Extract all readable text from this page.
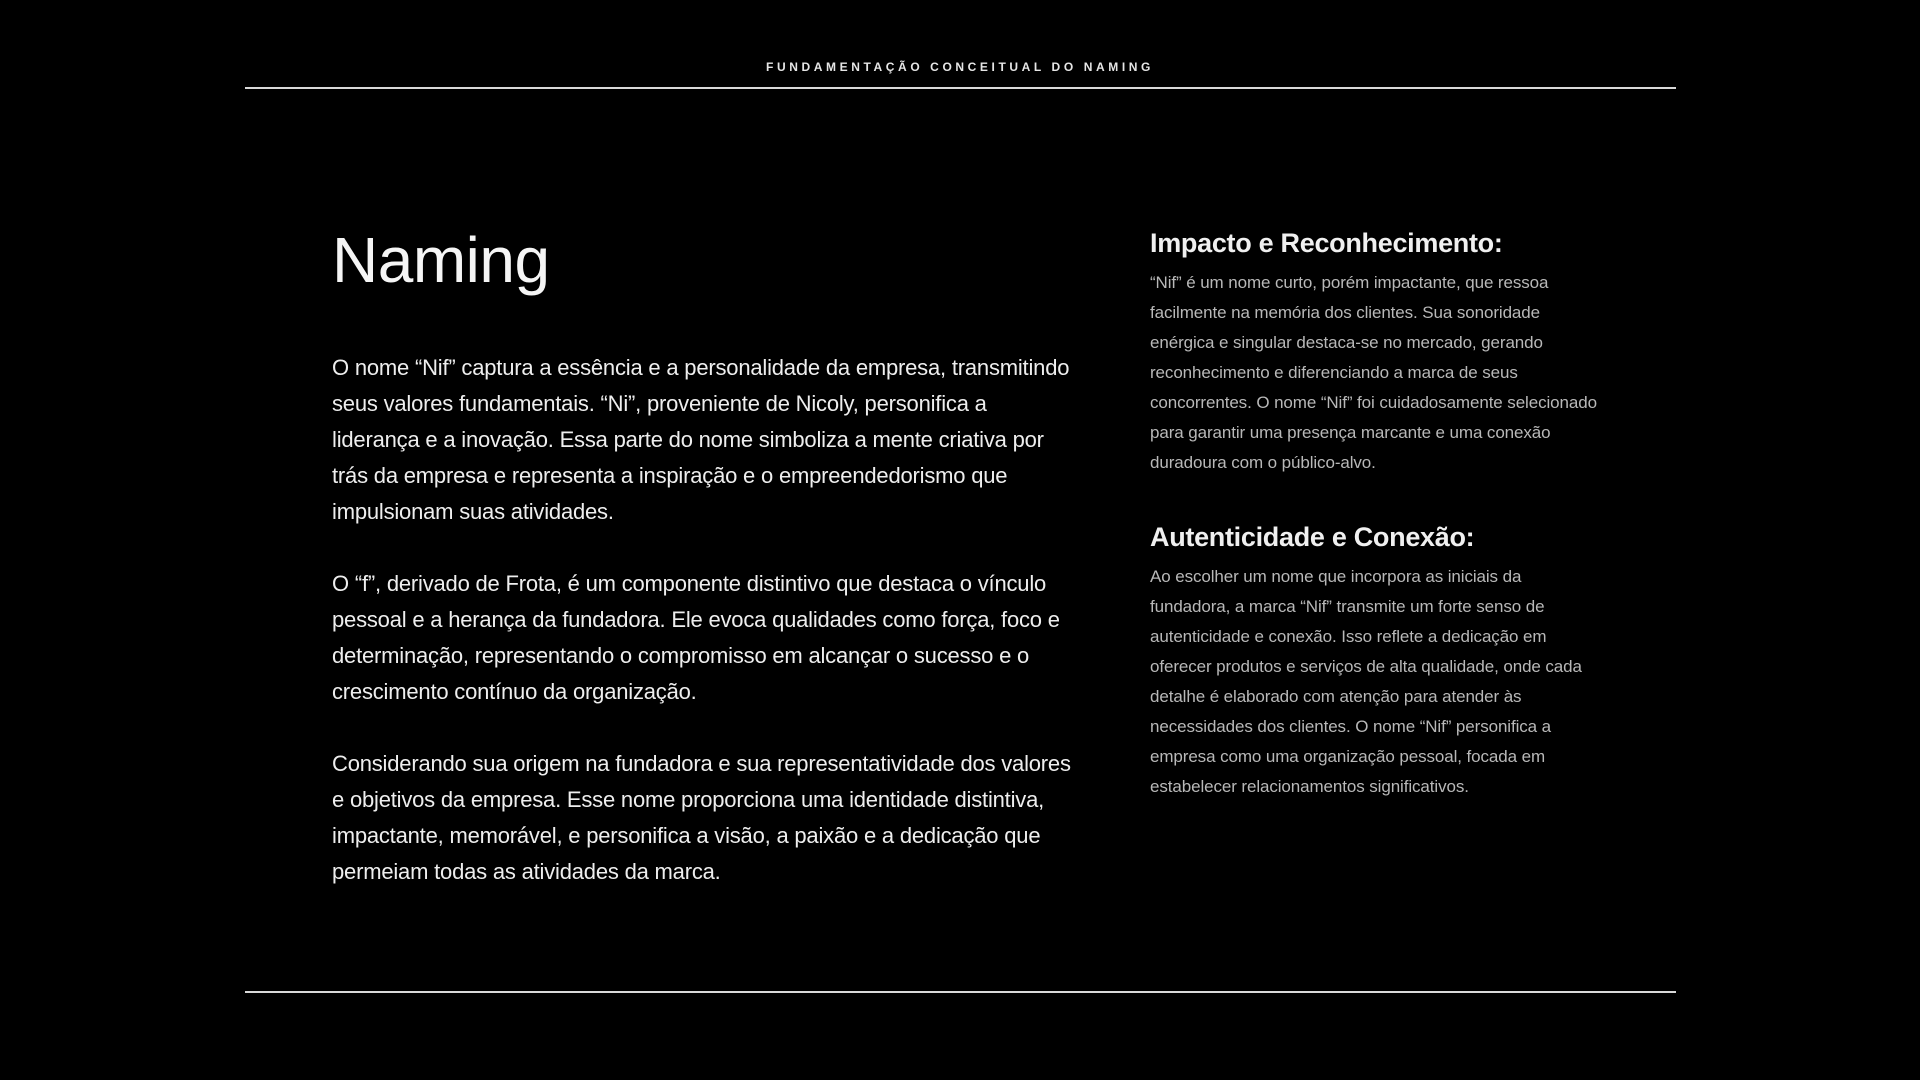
FUNDAMENTAÇÃO CONCEITUAL DO NAMING
Naming

O nome “Nif” captura a essência e a personalidade da empresa, transmitindo seus valores fundamentais. “Ni”, proveniente de Nicoly, personifica a liderança e a inovação. Essa parte do nome simboliza a mente criativa por trás da empresa e representa a inspiração e o empreendedorismo que impulsionam suas atividades.

O “f”, derivado de Frota, é um componente distintivo que destaca o vínculo pessoal e a herança da fundadora. Ele evoca qualidades como força, foco e determinação, representando o compromisso em alcançar o sucesso e o crescimento contínuo da organização.

Considerando sua origem na fundadora e sua representatividade dos valores e objetivos da empresa. Esse nome proporciona uma identidade distintiva, impactante, memorável, e personifica a visão, a paixão e a dedicação que permeiam todas as atividades da marca.

Impacto e Reconhecimento:

“Nif” é um nome curto, porém impactante, que ressoa facilmente na memória dos clientes. Sua sonoridade enérgica e singular destaca-se no mercado, gerando reconhecimento e diferenciando a marca de seus concorrentes. O nome “Nif” foi cuidadosamente selecionado para garantir uma presença marcante e uma conexão duradoura com o público-alvo.

Autenticidade e Conexão:

Ao escolher um nome que incorpora as iniciais da fundadora, a marca “Nif” transmite um forte senso de autenticidade e conexão. Isso reflete a dedicação em oferecer produtos e serviços de alta qualidade, onde cada detalhe é elaborado com atenção para atender às necessidades dos clientes. O nome “Nif” personifica a empresa como uma organização pessoal, focada em estabelecer relacionamentos significativos.
